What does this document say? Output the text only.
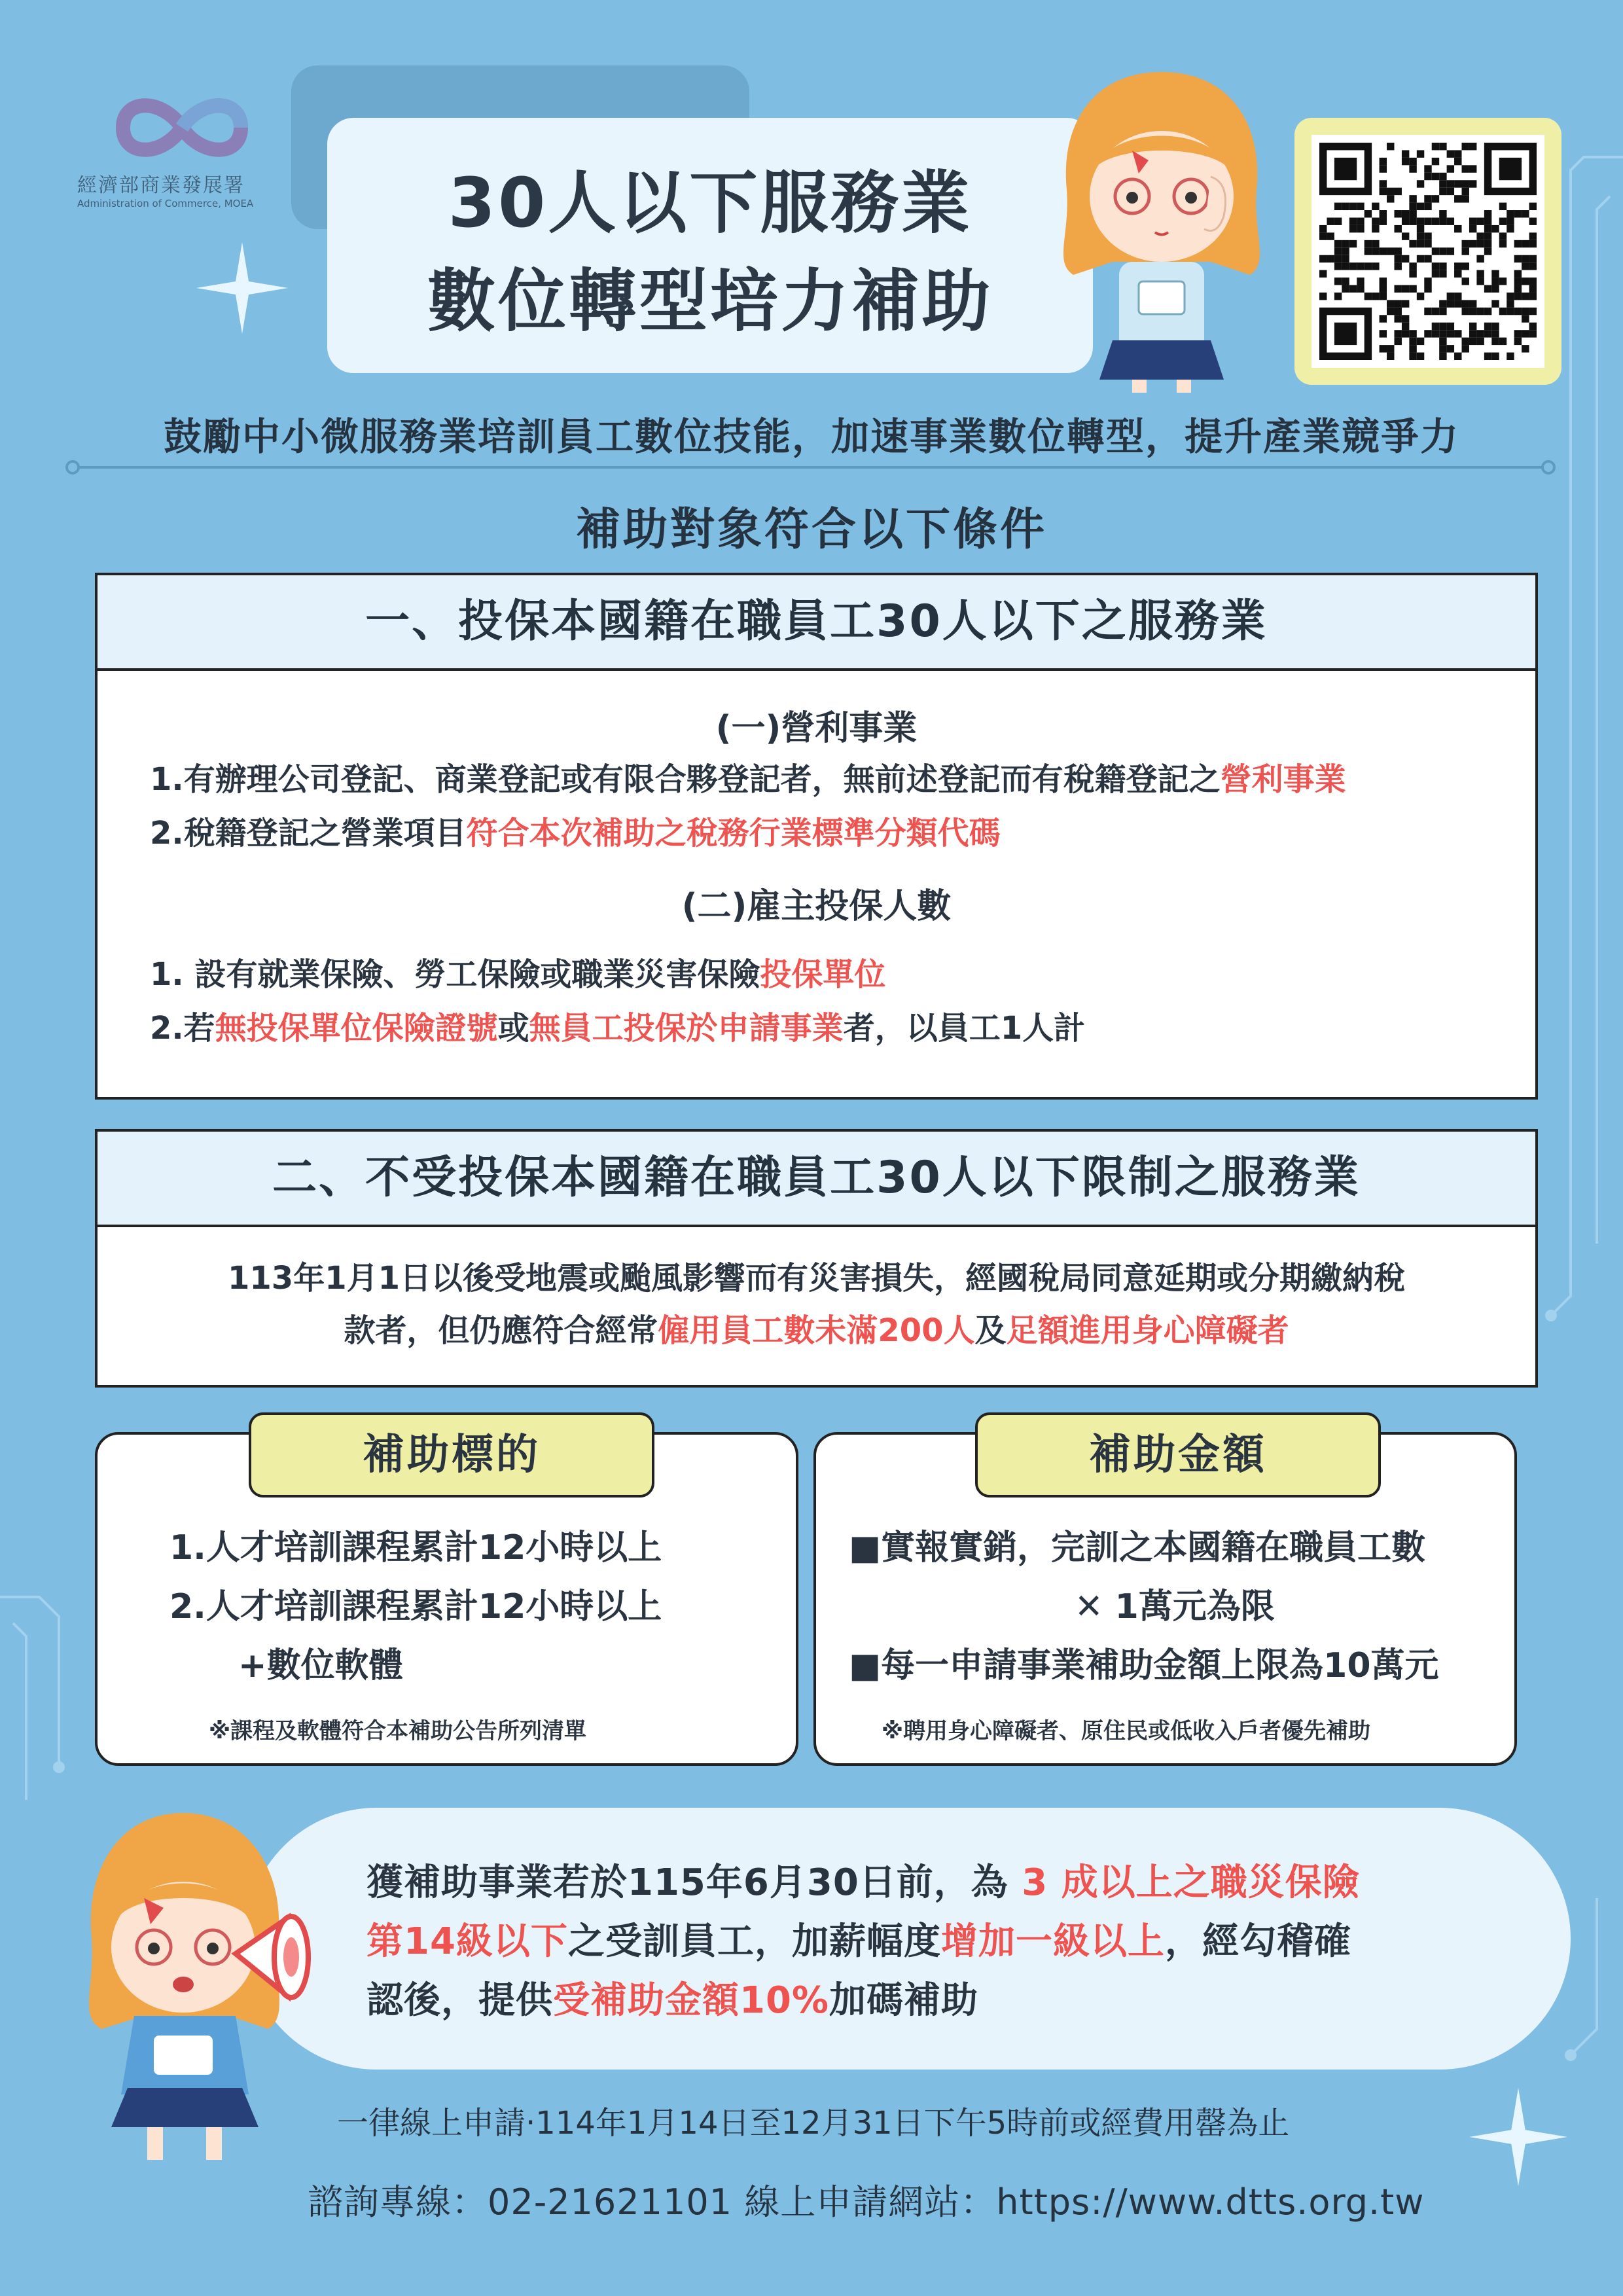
經濟部商業發展署
Administration of Commerce, MOEA	30人以下服務業
數位轉型培力補助
鼓勵中小微服務業培訓員工數位技能，加速事業數位轉型，提升產業競爭力
補助對象符合以下條件
一、投保本國籍在職員工30人以下之服務業
(一)營利事業
1.有辦理公司登記、商業登記或有限合夥登記者，無前述登記而有稅籍登記之營利事業
2.稅籍登記之營業項目符合本次補助之稅務行業標準分類代碼
(二)雇主投保人數
1. 設有就業保險、勞工保險或職業災害保險投保單位
2.若無投保單位保險證號或無員工投保於申請事業者，以員工1人計
二、不受投保本國籍在職員工30人以下限制之服務業
113年1月1日以後受地震或颱風影響而有災害損失，經國稅局同意延期或分期繳納稅
款者，但仍應符合經常僱用員工數未滿200人及足額進用身心障礙者
1.人才培訓課程累計12小時以上
2.人才培訓課程累計12小時以上
+數位軟體
※課程及軟體符合本補助公告所列清單
補助標的
■實報實銷，完訓之本國籍在職員工數
✕ 1萬元為限
■每一申請事業補助金額上限為10萬元
※聘用身心障礙者、原住民或低收入戶者優先補助
補助金額
獲補助事業若於115年6月30日前，為 3 成以上之職災保險
第14級以下之受訓員工，加薪幅度增加一級以上，經勾稽確
認後，提供受補助金額10%加碼補助
一律線上申請‧114年1月14日至12月31日下午5時前或經費用罄為止
諮詢專線：02-21621101 線上申請網站：https://www.dtts.org.tw
